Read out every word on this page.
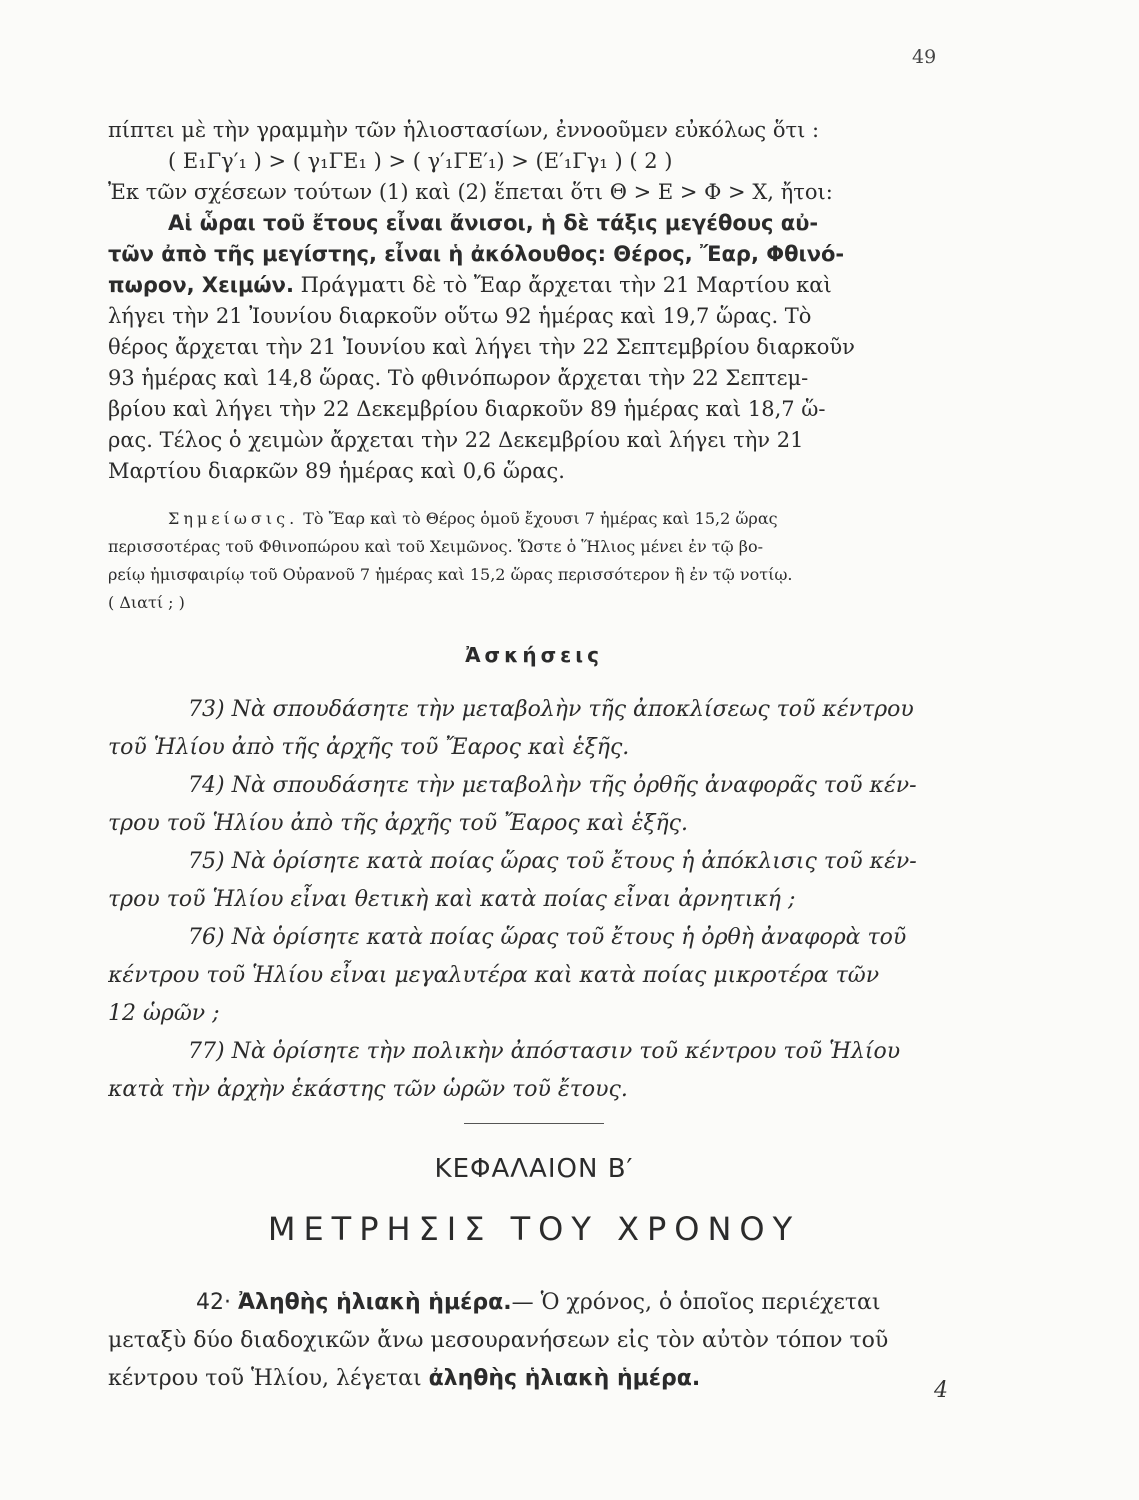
49
πίπτει μὲ τὴν γραμμὴν τῶν ἡλιοστασίων, ἐννοοῦμεν εὐκόλως ὅτι :
( Ε₁Γγ′₁ ) > ( γ₁ΓΕ₁ ) > ( γ′₁ΓΕ′₁) > (Ε′₁Γγ₁ ) ( 2 )
Ἐκ τῶν σχέσεων τούτων (1) καὶ (2) ἕπεται ὅτι Θ > Ε > Φ > Χ, ἤτοι:
Αἱ ὧραι τοῦ ἔτους εἶναι ἄνισοι, ἡ δὲ τάξις μεγέθους αὐ-
τῶν ἀπὸ τῆς μεγίστης, εἶναι ἡ ἀκόλουθος: Θέρος, Ἔαρ, Φθινό-
πωρον, Χειμών. Πράγματι δὲ τὸ Ἔαρ ἄρχεται τὴν 21 Μαρτίου καὶ
λήγει τὴν 21 Ἰουνίου διαρκοῦν οὕτω 92 ἡμέρας καὶ 19,7 ὥρας. Τὸ
θέρος ἄρχεται τὴν 21 Ἰουνίου καὶ λήγει τὴν 22 Σεπτεμβρίου διαρκοῦν
93 ἡμέρας καὶ 14,8 ὥρας. Τὸ φθινόπωρον ἄρχεται τὴν 22 Σεπτεμ-
βρίου καὶ λήγει τὴν 22 Δεκεμβρίου διαρκοῦν 89 ἡμέρας καὶ 18,7 ὥ-
ρας. Τέλος ὁ χειμὼν ἄρχεται τὴν 22 Δεκεμβρίου καὶ λήγει τὴν 21
Μαρτίου διαρκῶν 89 ἡμέρας καὶ 0,6 ὥρας.
Σημείωσις. Τὸ Ἔαρ καὶ τὸ Θέρος ὁμοῦ ἔχουσι 7 ἡμέρας καὶ 15,2 ὥρας
περισσοτέρας τοῦ Φθινοπώρου καὶ τοῦ Χειμῶνος. Ὥστε ὁ Ἥλιος μένει ἐν τῷ βο-
ρείῳ ἡμισφαιρίῳ τοῦ Οὐρανοῦ 7 ἡμέρας καὶ 15,2 ὥρας περισσότερον ἢ ἐν τῷ νοτίῳ.
( Διατί ; )
Ἀσκήσεις
73) Νὰ σπουδάσητε τὴν μεταβολὴν τῆς ἀποκλίσεως τοῦ κέντρου
τοῦ Ἡλίου ἀπὸ τῆς ἀρχῆς τοῦ Ἔαρος καὶ ἑξῆς.
74) Νὰ σπουδάσητε τὴν μεταβολὴν τῆς ὀρθῆς ἀναφορᾶς τοῦ κέν-
τρου τοῦ Ἡλίου ἀπὸ τῆς ἀρχῆς τοῦ Ἔαρος καὶ ἑξῆς.
75) Νὰ ὁρίσητε κατὰ ποίας ὥρας τοῦ ἔτους ἡ ἀπόκλισις τοῦ κέν-
τρου τοῦ Ἡλίου εἶναι θετικὴ καὶ κατὰ ποίας εἶναι ἀρνητική ;
76) Νὰ ὁρίσητε κατὰ ποίας ὥρας τοῦ ἔτους ἡ ὀρθὴ ἀναφορὰ τοῦ
κέντρου τοῦ Ἡλίου εἶναι μεγαλυτέρα καὶ κατὰ ποίας μικροτέρα τῶν
12 ὡρῶν ;
77) Νὰ ὁρίσητε τὴν πολικὴν ἀπόστασιν τοῦ κέντρου τοῦ Ἡλίου
κατὰ τὴν ἀρχὴν ἑκάστης τῶν ὡρῶν τοῦ ἔτους.
ΚΕΦΑΛΑΙΟΝ Β′
ΜΕΤΡΗΣΙΣ ΤΟΥ ΧΡΟΝΟΥ
42· Ἀληθὴς ἡλιακὴ ἡμέρα.— Ὁ χρόνος, ὁ ὁποῖος περιέχεται
μεταξὺ δύο διαδοχικῶν ἄνω μεσουρανήσεων εἰς τὸν αὐτὸν τόπον τοῦ
κέντρου τοῦ Ἡλίου, λέγεται ἀληθὴς ἡλιακὴ ἡμέρα.	4
